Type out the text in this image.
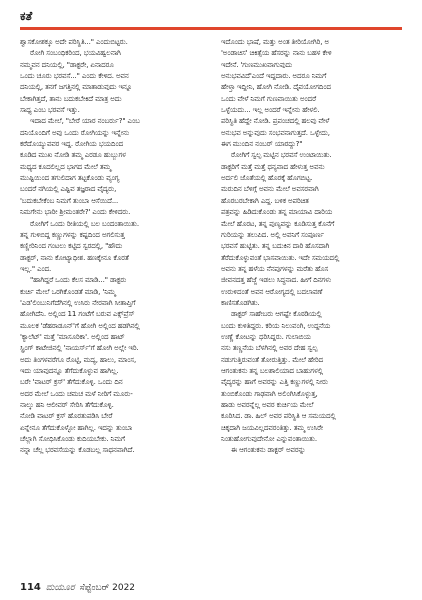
ಕತೆ
ಶ್ವಾಸಕೋಶಕ್ಕೂ ಅದೇ ಪರಿಸ್ಥಿತಿ..." ಎಂದುಬಿಟ್ಟರು.
ರೋಗಿ ಸಂಬಂಧಿಕರಿಂದ, ಭಯವಿಹ್ವಲನಾಗಿ
ನಮ್ಮವನ ದನಿಯಲ್ಲಿ, "ಡಾಕ್ಟರೇ, ಏನಾದರೂ
ಒಂದು ಚೂರು ಭರವಸೆ..." ಎಂದು ಕೇಳಿದ. ಅವನ
ದನಿಯಲ್ಲಿ, ತನಗೆ ಜಗತ್ತಿನಲ್ಲಿ ಮಾತಾಡುವುದು ಇನ್ನೂ
ಬೇಕಾಗಿತ್ತದೆ, ತಾನು ಬದುಕಬೇಕಿದೆ ಮಾತ್ರ ಅದು
ಸಾಧ್ಯ ಎಂಬ ಭರವಸೆ ಇತ್ತು.
ಇದಾದ ಮೇಲೆ, "ಬೇರೆ ಯಾರ ನಂಬರ್ರು?" ಎಂಬ
ದನಿಯೊಂದಿಗೆ ಅವು ಒಂದು ರೋಗಿಯನ್ನು ಇನ್ನೇನು
ಕರೆದೊಯ್ಯುವವರ ಇದ್ದ. ರೋಗಿಯ ಭಯದಿಂದ
ಕೂಡಿದ ಮುಖ ನೋಡಿ ತಮ್ಮ ಎರಡೂ ಹುಬ್ಬುಗಳ
ಮಧ್ಯದ ಕೂದಲಿಲ್ಲದ ಭಾಗದ ಮೇಲೆ ತಮ್ಮ
ಮುಷ್ಟಿಯಿಂದ ತಗುಲಿದಾಗ ತಟ್ಟಕೊಂಡು ವ್ಯಂಗ್ಯ
ಬಂದರೆ ನಗಿಯಲ್ಲಿ ಎಷ್ಟಿವ ತಜ್ಞರಾದ ವೈದ್ಯರು,
'ಬದುಕಬೇಕೆಂಬ ನಿಮಗೆ ತುಂಬಾ ಆಸೆಯಿದೆ...
ನಿಮಗೇನು ಭಾರೀ ಶ್ರೀಮಂತರೇ?' ಎಂದು ಕೇಳಿದರು.
ರೋಗಿಗೆ ಒಂದು ರೀತಿಯಲ್ಲಿ ಬಲ ಬಂದಂತಾಯಿತು.
ತನ್ನ ಗುಳಿಬಿದ್ದ ಕಣ್ಣುಗಳನ್ನು ಕಷ್ಟದಿಂದ ಅಗಲಿಸುತ್ತ
ಕಣ್ಣೀರಿನಿಂದ ಗಂಟಲು ಕಟ್ಟಿದ ಸ್ವರದಲ್ಲಿ, "ಹೌದು
ಡಾಕ್ಟರ್, ನಾನು ಕೋಟ್ಯಾಧೀಶ. ಹಣಕ್ಕೇನೂ ಕೊರತೆ
ಇಲ್ಲ." ಎಂದ.
"ಹಾಗಿದ್ದರೆ ಒಂದು ಕೆಲಸ ಮಾಡಿ..." ಡಾಕ್ಟರು
ಕುರ್ಚಿ ಮೇಲೆ ಒರಗಿಕೊಂಡತೆ ಮಾಡಿ, 'ನಿಮ್ಮ
'ಎಡ'ಲಿಂಬುನಿಗೆದೆಗಿನಲ್ಲಿ ಉಸಿರು ನೇರವಾಗಿ ಸೀತಾಪ್ತಿಗೆ
ಹೋಗಿದೆನಿ. ಅಲ್ಲಿಂದ 11 ಗಂಟೆಗೆ ಬರುವ ಎಕ್ಸ್‌ಪ್ರೆಸ್
ಮೂಲಕ 'ಡೆಹರಾಡೂನ್'ಗೆ ಹೋಗಿ ಅಲ್ಲಿಂದ ಹಡಗಿನಲ್ಲಿ
'ಕ್ಯಾಲೆಟ್' ಮತ್ತೆ 'ಮಾಸೂರಿಕಾ'. ಅಲ್ಲಿಂದ ಹಾಟ್
ಸ್ಪ್ರಿಂಗ್ ಕಾಟೇಜಿನಲ್ಲಿ 'ನಾಯರ್ಸ್'ಗೆ ಹೋಗಿ ಅಲ್ಲೇ ಇರಿ.
ಅದು ತಿಂಗಳವರೆಗೂ ರೊಟ್ಟಿ, ಮದ್ಯ, ಹಾಲು, ಮಾಂಸ,
ಇದು ಯಾವುದನ್ನೂ ತೆಗೆದುಕೊಳ್ಳುವ ಹಾಗಿಲ್ಲ.
ಬರೇ 'ವಾಟರ್ ಕ್ರಸ್' ತೆಗೆದುಕೊಳ್ಳಿ. ಒಂದು ದಿನ
ಅದರ ಮೇಲೆ ಒಂದು ಚಮಚ ಮಳೆ ನೀರಿಗೆ ಮೂರು-
ನಾಲ್ಕು ಹನಿ ಆಲೀವರ್ ಸೇರಿಸಿ ತೆಗೆದುಕೊಳ್ಳಿ.
ನೋಡಿ ವಾಟರ್ ಕ್ರಸ್ ಹೊರತುಪಡಿಸಿ ಬೇರೆ
ಏನ್ನೇನೂ ತೆಗೆದುಕೊಳ್ಳೋ ಹಾಗಿಲ್ಲ. ಇದನ್ನು ತುಂಬಾ
ಚೆಲ್ಲಾಗಿ ಸೋಧಿಸಿಕೊಂಡು ಕುದಿಯಬೇಕು. ನಿಮಗೆ
ನನ್ನಾ ಚೆಲ್ಲ ಭರವಸೆಯನ್ನು ಕೊಡಬಲ್ಲ ಸಾಧನವಾಗಿದೆ.
ಇದೊಂದು ಭಾಷೆ, ಮತ್ತು ಅಂತ ತೀರಿಯೋಗಿರಿ, ಅ
'ಅಂಡಾಚಿಸ' ಚಿಕಿತ್ಸೆಯ ಹೆಸರನ್ನು ನಾನು ಬಹಳ ಕೇಳಿ
ಇದೇನೆ. 'ಗುಣಮುಖವಾಗುವುದು
ಅನುಭವವಿದೆ'ಎಂದೆ ಇದ್ದದಾರು. ಅದರೂ ನಿಮಗೆ
ಹೇಳ್ತಾ ಇದ್ದೀನಿ, ಹೋಗಿ ನೋಡಿ. ದೈವಯೋಗದಿಂದ
ಒಂದು ವೇಳೆ ನಿಮಗೆ ಗುಣವಾಯಿತು ಅಂದರೆ
ಒಳ್ಳೆಯದು... ಇಲ್ಲ ಅಂದರೆ ಇನ್ನೇನು ಹೇಳಲಿ.
ಪರಿಸ್ಥಿತಿ ಹೆದ್ದೇ ನೋಡಿ. ಪ್ರಪಂಚದಲ್ಲಿ ಹಲವು ವೇಳೆ
ಅನುಭವ ಅನ್ನುವುದು ಸಂಭವನಾಗುತ್ತದೆ. ಒಳ್ಳೇದು,
ಈಗ ಮುಂದಿನ ನಂಬರ್ ಯಾರದ್ದು?"
ರೋಗಿಗೆ ಸ್ವಲ್ಪ ಮಟ್ಟಿನ ಭರವಸೆ ಉಂಟಾಯಿತು.
ಡಾಕ್ಟರಿಗೆ ಮತ್ತೆ ಮತ್ತೆ ಧನ್ಯವಾದ ಹೇಳುತ್ತ ಅವನು
ಅರ್ದಲಿ ಜೊತೆಯಲ್ಲಿ ಹೊರಕ್ಕೆ ಹೊಗಬಿಟ್ಟ.
ಮರುದಿನ ಬೆಳಿಗ್ಗೆ ಅವನು ಮೇಲೆ ಅವಸರವಾಗಿ
ಹೊರಬರಬೇಕಾಗಿ ಎದ್ದ. ಬಳಿಕ ಅಪರಿಚಿತ
ಪತ್ರವನ್ನು ಹಿಡಿದುಕೊಂಡು ತನ್ನ ಮಾಯಾವಿ ದಾರಿಯ
ಮೇಲೆ ಹೊರಟ, ತನ್ನ ಪುಣ್ಯವನ್ನು ಕೂಡಿಸುತ್ತ ಕೊನೆಗೆ
ಗುರಿಯನ್ನು ತಲುಪಿದ. ಅಲ್ಲಿ ಅವನಿಗೆ ಸಂಪೂರ್ಣ
ಭರವಸೆ ಹುಟ್ಟಿತು. ತನ್ನ ಬದುಕಿನ ದಾರಿ ಹೊಸದಾಗಿ
ತೆರೆದುಕೊಳ್ಳುವಂತೆ ಭಾಸವಾಯಿತು. ಇದೇ ಸಮಯದಲ್ಲಿ
ಅವನು ತನ್ನ ಹಳೆಯ ನೆನಪುಗಳನ್ನು ಮರೆತು ಹೊಸ
ಜೀವನದತ್ತ ಹೆಜ್ಜೆ ಇಡಲು ಸಿದ್ಧನಾದ. ಹೀಗೆ ದಿನಗಳು
ಉರುಳಿದಂತೆ ಅವನ ಆರೋಗ್ಯದಲ್ಲಿ ಬದಲಾವಣೆ
ಕಾಣಿಸತೊಡಗಿತು.
ಡಾಕ್ಟರ್ ಸಾಹೇಬರು ಆಗಷ್ಟೇ ಕೊಠಡಿಯಲ್ಲಿ
ಬಂದು ಕುಳಿತಿದ್ದರು. ಕರಿಯ ನಿಲುವಂಗಿ, ಉದ್ದನೆಯ
ಉಣ್ಣೆ ಕೋಟನ್ನು ಧರಿಸಿದ್ದರು. ಗುಲಾಬಿಯ
ನಸು ತಣ್ಣನೆಯ ಬೆಳಗಿನಲ್ಲಿ ಅವರ ದೇಹ ಸ್ವಲ್ಪ
ನಡುಗುತ್ತಿರುವಂತೆ ತೋರುತ್ತಿತ್ತು. ಮೇಲೆ ಹೇರಿದ
ಆಗಂತುಕನು ತನ್ನ ಬಲಶಾಲಿಯಾದ ಬಾಹುಗಳಲ್ಲಿ
ವೈದ್ಯರನ್ನು ಹಾಗೆ ಅವರನ್ನು ಎತ್ತಿ ಕಣ್ಣುಗಳಲ್ಲಿ ನೀರು
ತುಂಬಿಕೊಂಡು ಗಾಢವಾಗಿ ಅಲಿಂಗಿಸಿಕೊಳ್ಳುತ್ತ,
ಹಾಡು ಅವರನ್ನೆಲ್ಲ ಅವರ ಕುರ್ಚಿಯ ಮೇಲೆ
ಕೂರಿಸಿದ. ಡಾ. ಹಿಲ್ ಅವರ ಪರಿಸ್ಥಿತಿ ಆ ಸಮಯದಲ್ಲಿ
ಚಿಕ್ಕದಾಗಿ ಜಯವಿಲ್ಲದವರಂತಿತ್ತು. ತಮ್ಮ ಉಸಿರೇ
ನಿಂತುಹೋಗುವುದೇನೋ ಎನ್ನುವಂತಾಯಿತು.
ಈ ಆಗಂತುಕನು ಡಾಕ್ಟರ್ ಅವರನ್ನು
114 ಮಯೂರ ಸೆಪ್ಟೆಂಬರ್ 2022
